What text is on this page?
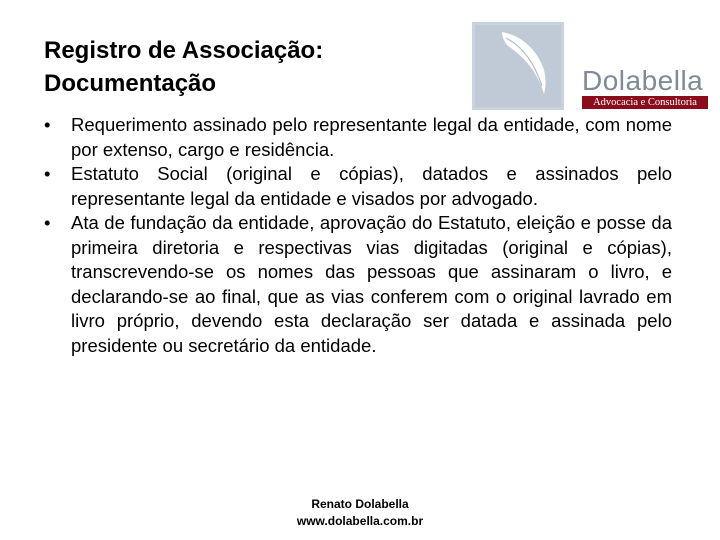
Registro de Associação:
Documentação	Dolabella
Advocacia e Consultoria
•	Requerimento assinado pelo representante legal da entidade, com nome por extenso, cargo e residência.
•	Estatuto Social (original e cópias), datados e assinados pelo representante legal da entidade e visados por advogado.
•	Ata de fundação da entidade, aprovação do Estatuto, eleição e posse da primeira diretoria e respectivas vias digitadas (original e cópias), transcrevendo-se os nomes das pessoas que assinaram o livro, e declarando-se ao final, que as vias conferem com o original lavrado em livro próprio, devendo esta declaração ser datada e assinada pelo presidente ou secretário da entidade.
Renato Dolabella
www.dolabella.com.br
